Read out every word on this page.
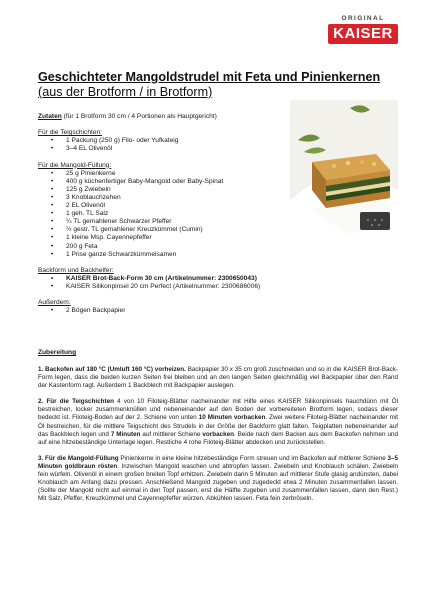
ORIGINAL
KAISER
Geschichteter Mangoldstrudel mit Feta und Pinienkernen
(aus der Brotform / in Brotform)
Zutaten (für 1 Brotform 30 cm / 4 Portionen als Hauptgericht)
Für die Teigschichten:
• 1 Packung (250 g) Filo- oder Yufkateig
• 3–4 EL Olivenöl
Für die Mangold-Füllung:
• 25 g Pinienkerne
• 400 g küchenfertiger Baby-Mangold oder Baby-Spinat
• 125 g Zwiebeln
• 3 Knoblauchzehen
• 2 EL Olivenöl
• 1 geh. TL Salz
• ¼ TL gemahlener Schwarzer Pfeffer
• ½ gestr. TL gemahlener Kreuzkümmel (Cumin)
• 1 kleine Msp. Cayennepfeffer
• 200 g Feta
• 1 Prise ganze Schwarzkümmelsamen
Backform und Backhelfer:
• KAISER Brot-Back-Form 30 cm (Artikelnummer: 2300650043)
• KAISER Silikonpinsel 20 cm Perfect (Artikelnummer: 2300686006)
Außerdem:
• 2 Bögen Backpapier
Zubereitung

1. Backofen auf 180 °C (Umluft 160 °C) vorheizen. Backpapier 30 x 35 cm groß zuschneiden und so in die KAISER Brot-Back-Form legen, dass die beiden kurzen Seiten frei bleiben und an den langen Seiten gleichmäßig viel Backpapier über den Rand der Kastenform ragt. Außerdem 1 Backblech mit Backpapier auslegen.

2. Für die Teigschichten 4 von 10 Filoteig-Blätter nacheinander mit Hilfe eines KAISER Silikonpinsels hauchdünn mit Öl bestreichen, locker zusammenknüllen und nebeneinander auf den Boden der vorbereiteten Brotform legen, sodass dieser bedeckt ist. Filoteig-Boden auf der 2. Schiene von unten 10 Minuten vorbacken. Zwei weitere Filoteig-Blätter nacheinander mit Öl bestreichen, für die mittlere Teigschicht des Strudels in der Größe der Backform glatt falten. Teigplatten nebeneinander auf das Backblech legen und 7 Minuten auf mittlerer Schiene vorbacken. Beide nach dem Backen aus dem Backofen nehmen und auf eine hitzebeständige Unterlage legen. Restliche 4 rohe Filoteig-Blätter abdecken und zurückstellen.

3. Für die Mangold-Füllung Pinienkerne in eine kleine hitzebeständige Form streuen und im Backofen auf mittlerer Schiene 3–5 Minuten goldbraun rösten. Inzwischen Mangold waschen und abtropfen lassen. Zwiebeln und Knoblauch schälen. Zwiebeln fein würfeln. Olivenöl in einem großen breiten Topf erhitzen. Zwiebeln darin 5 Minuten auf mittlerer Stufe glasig andünsten, dabei Knoblauch am Anfang dazu pressen. Anschließend Mangold zugeben und zugedeckt etwa 2 Minuten zusammenfallen lassen. (Sollte der Mangold nicht auf einmal in den Topf passen, erst die Hälfte zugeben und zusammenfallen lassen, dann den Rest.) Mit Salz, Pfeffer, Kreuzkümmel und Cayennepfeffer würzen. Abkühlen lassen. Feta fein zerbröseln.
